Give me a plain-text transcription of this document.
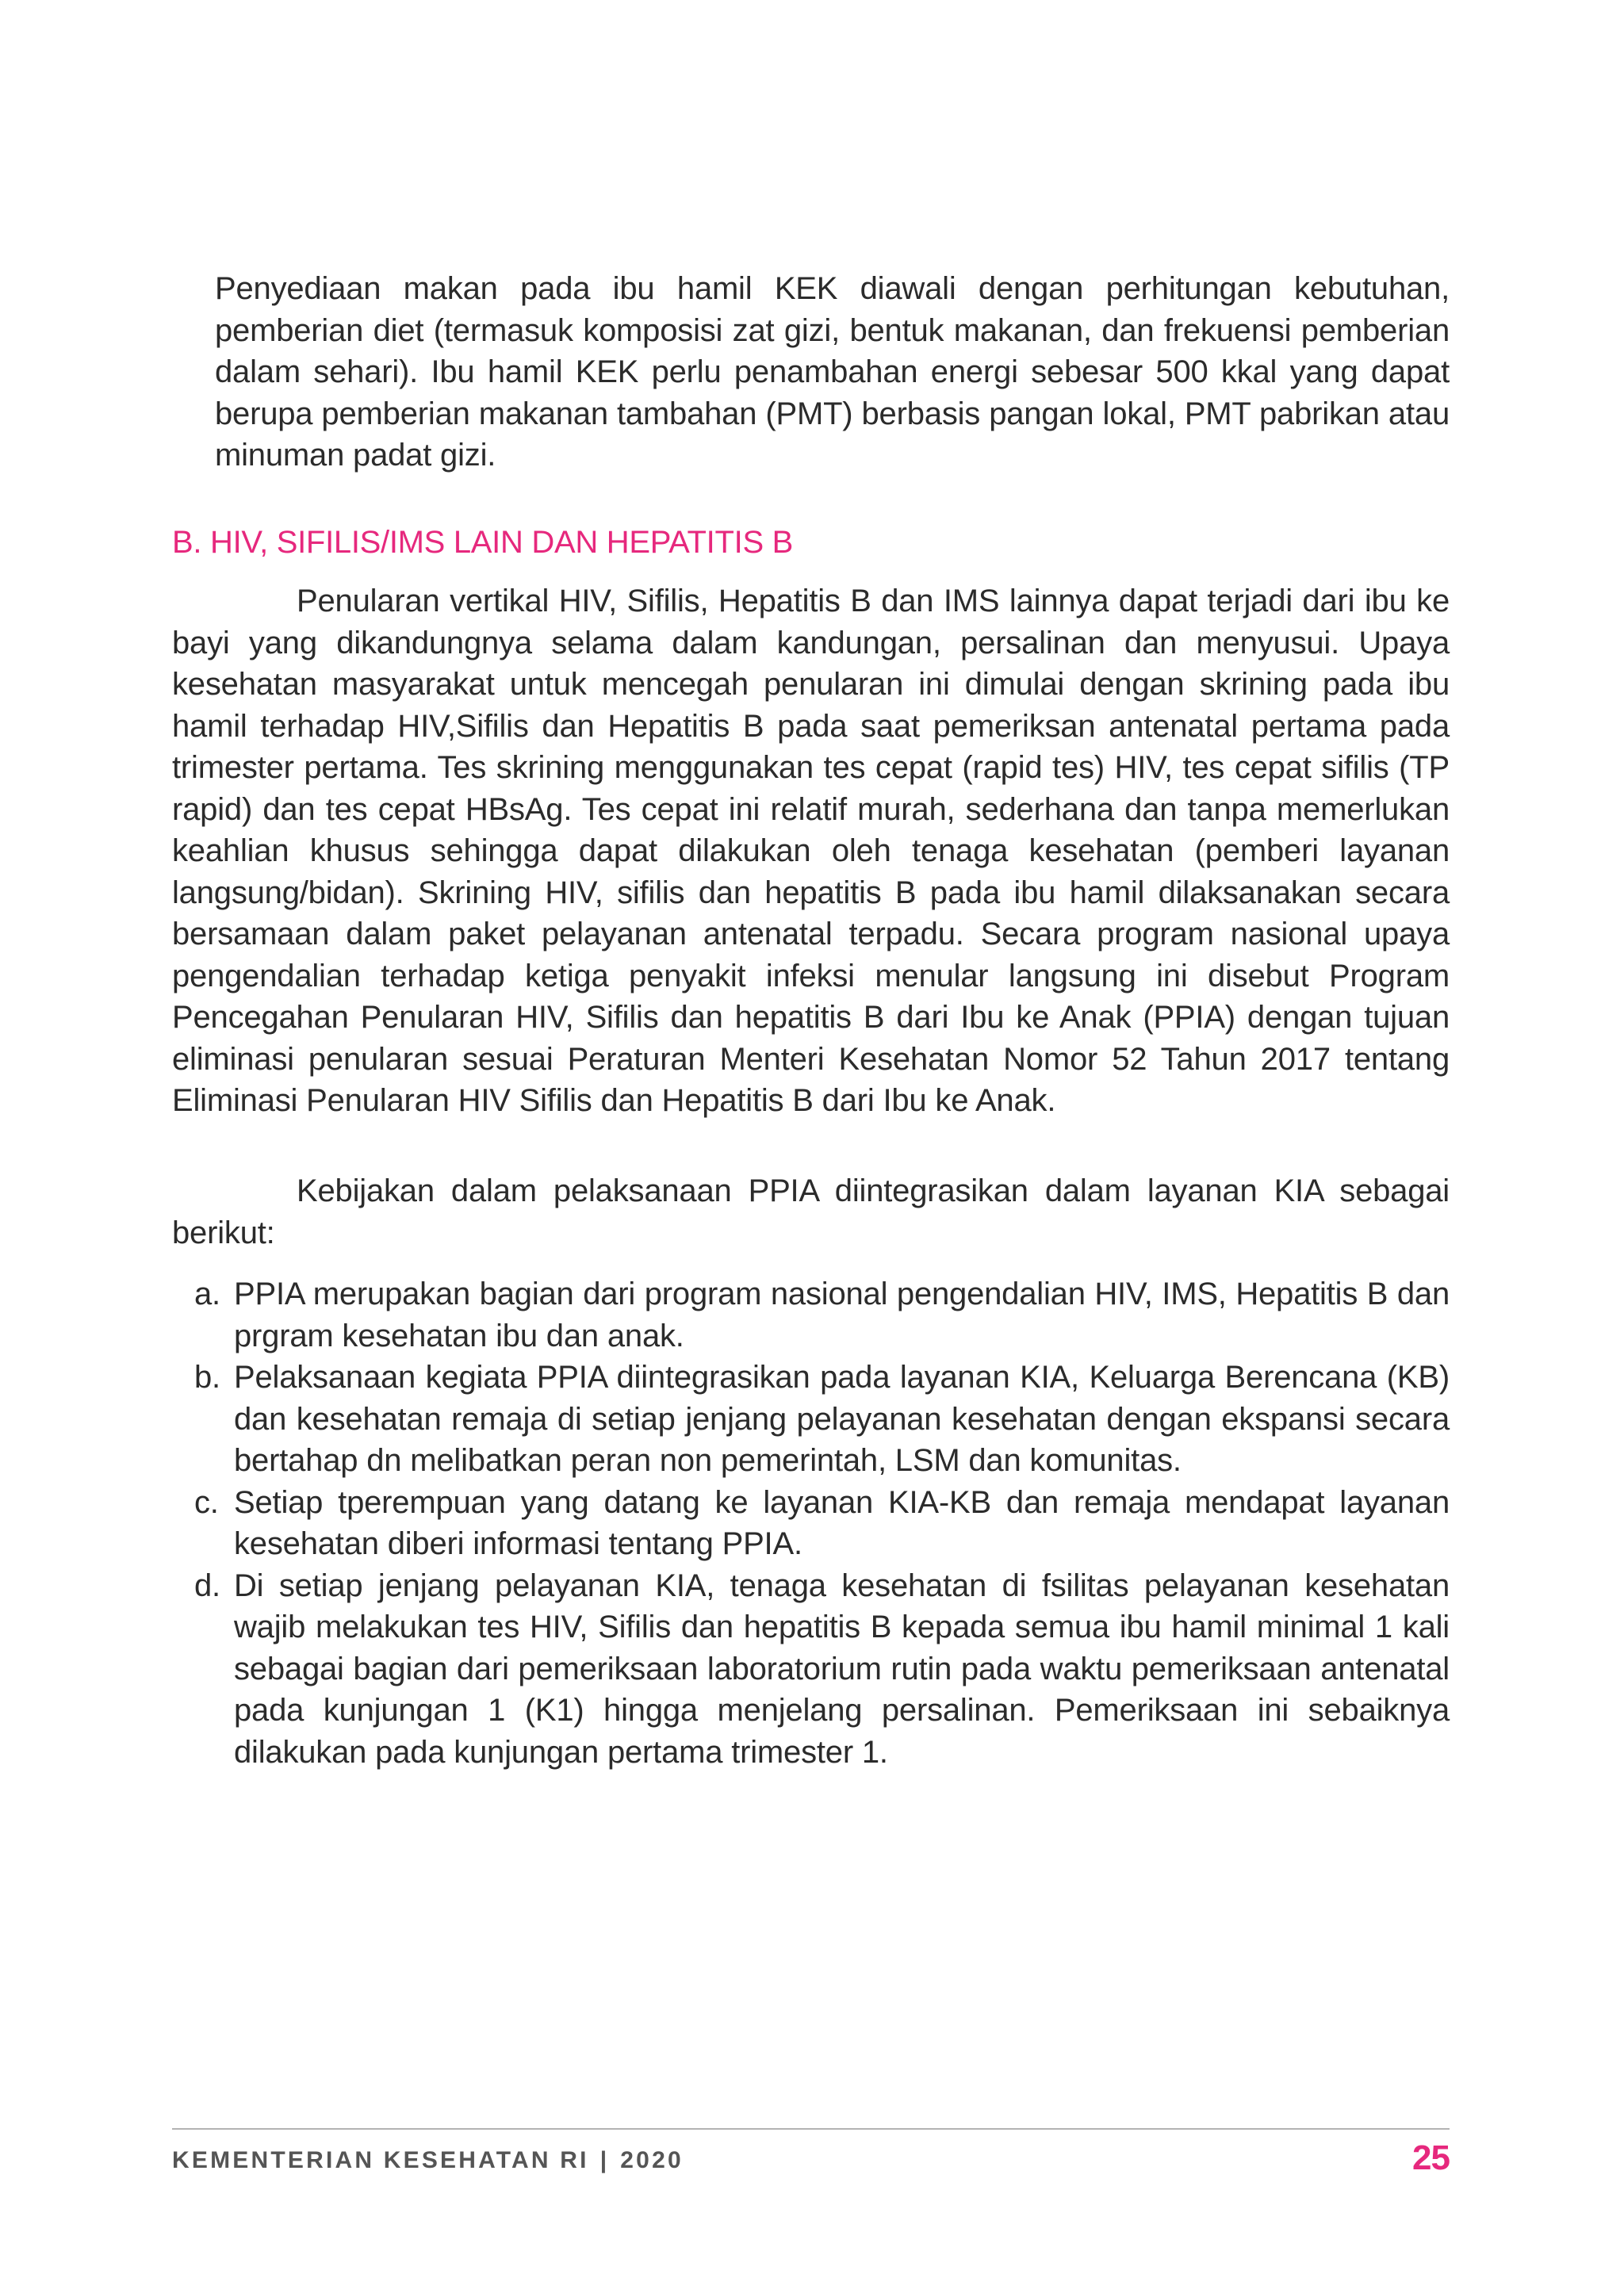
Penyediaan makan pada ibu hamil KEK diawali dengan perhitungan kebutuhan, pemberian diet (termasuk komposisi zat gizi, bentuk makanan, dan frekuensi pemberian dalam sehari). Ibu hamil KEK perlu penambahan energi sebesar 500 kkal yang dapat berupa pemberian makanan tambahan (PMT) berbasis pangan lokal, PMT pabrikan atau minuman padat gizi.

B. HIV, SIFILIS/IMS LAIN DAN HEPATITIS B

Penularan vertikal HIV, Sifilis, Hepatitis B dan IMS lainnya dapat terjadi dari ibu ke bayi yang dikandungnya selama dalam kandungan, persalinan dan menyusui. Upaya kesehatan masyarakat untuk mencegah penularan ini dimulai dengan skrining pada ibu hamil terhadap HIV,Sifilis dan Hepatitis B pada saat pemeriksan antenatal pertama pada trimester pertama. Tes skrining menggunakan tes cepat (rapid tes) HIV, tes cepat sifilis (TP rapid) dan tes cepat HBsAg. Tes cepat ini relatif murah, sederhana dan tanpa memerlukan keahlian khusus sehingga dapat dilakukan oleh tenaga kesehatan (pemberi layanan langsung/bidan). Skrining HIV, sifilis dan hepatitis B pada ibu hamil dilaksanakan secara bersamaan dalam paket pelayanan antenatal terpadu. Secara program nasional upaya pengendalian terhadap ketiga penyakit infeksi menular langsung ini disebut Program Pencegahan Penularan HIV, Sifilis dan hepatitis B dari Ibu ke Anak (PPIA) dengan tujuan eliminasi penularan sesuai Peraturan Menteri Kesehatan Nomor 52 Tahun 2017 tentang Eliminasi Penularan HIV Sifilis dan Hepatitis B dari Ibu ke Anak.

Kebijakan dalam pelaksanaan PPIA diintegrasikan dalam layanan KIA sebagai berikut:

a. PPIA merupakan bagian dari program nasional pengendalian HIV, IMS, Hepatitis B dan prgram kesehatan ibu dan anak.
b. Pelaksanaan kegiata PPIA diintegrasikan pada layanan KIA, Keluarga Berencana (KB) dan kesehatan remaja di setiap jenjang pelayanan kesehatan dengan ekspansi secara bertahap dn melibatkan peran non pemerintah, LSM dan komunitas.
c. Setiap tperempuan yang datang ke layanan KIA-KB dan remaja mendapat layanan kesehatan diberi informasi tentang PPIA.
d. Di setiap jenjang pelayanan KIA, tenaga kesehatan di fsilitas pelayanan kesehatan wajib melakukan tes HIV, Sifilis dan hepatitis B kepada semua ibu hamil minimal 1 kali sebagai bagian dari pemeriksaan laboratorium rutin pada waktu pemeriksaan antenatal pada kunjungan 1 (K1) hingga menjelang persalinan. Pemeriksaan ini sebaiknya dilakukan pada kunjungan pertama trimester 1.
KEMENTERIAN KESEHATAN RI | 2020	25
